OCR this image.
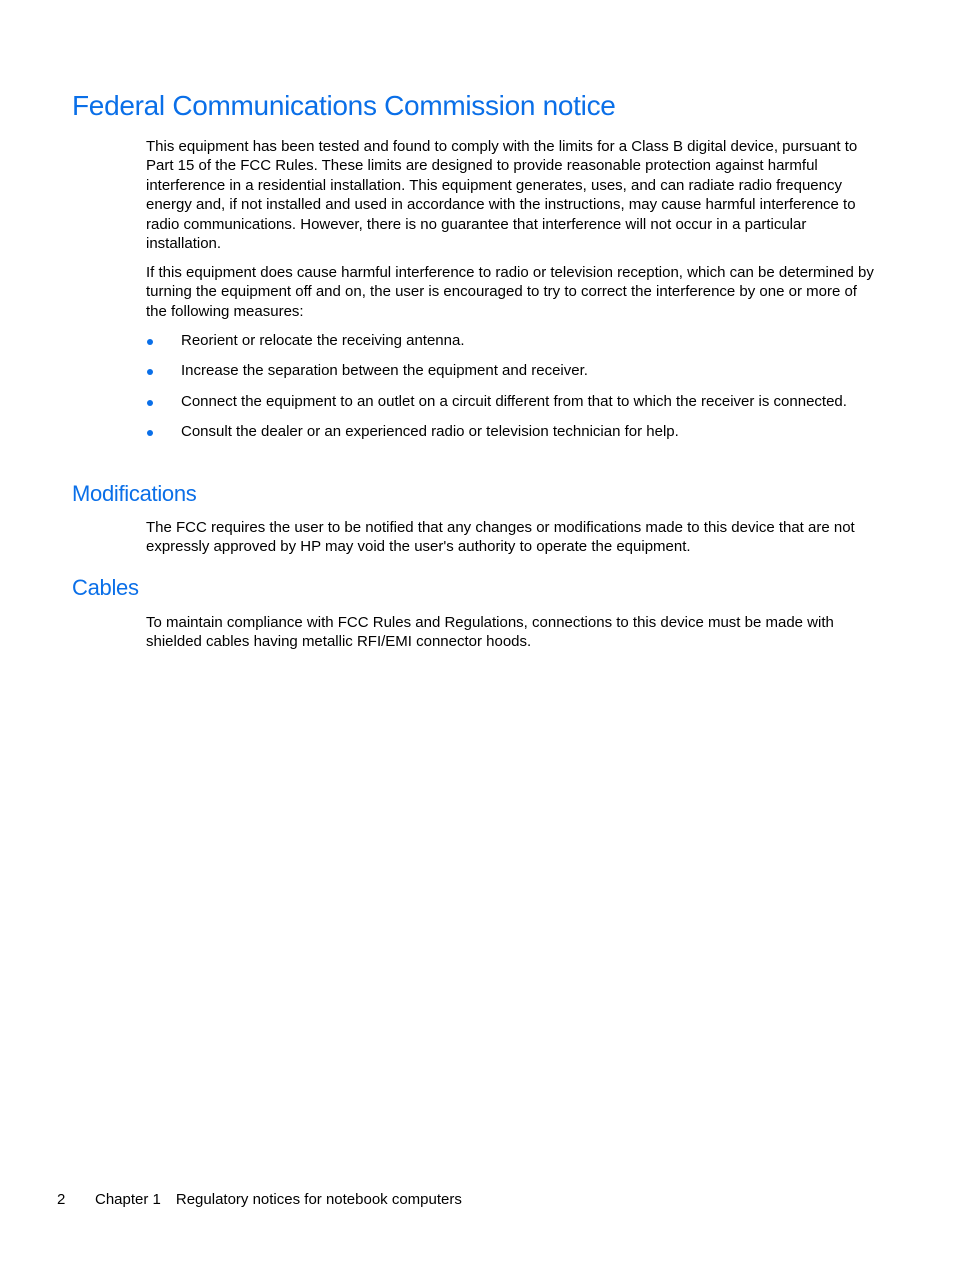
Federal Communications Commission notice

This equipment has been tested and found to comply with the limits for a Class B digital device, pursuant to Part 15 of the FCC Rules. These limits are designed to provide reasonable protection against harmful interference in a residential installation. This equipment generates, uses, and can radiate radio frequency energy and, if not installed and used in accordance with the instructions, may cause harmful interference to radio communications. However, there is no guarantee that interference will not occur in a particular installation.

If this equipment does cause harmful interference to radio or television reception, which can be determined by turning the equipment off and on, the user is encouraged to try to correct the interference by one or more of the following measures:

Reorient or relocate the receiving antenna.
Increase the separation between the equipment and receiver.
Connect the equipment to an outlet on a circuit different from that to which the receiver is connected.
Consult the dealer or an experienced radio or television technician for help.
Modifications

The FCC requires the user to be notified that any changes or modifications made to this device that are not expressly approved by HP may void the user's authority to operate the equipment.

Cables

To maintain compliance with FCC Rules and Regulations, connections to this device must be made with shielded cables having metallic RFI/EMI connector hoods.

2 Chapter 1 Regulatory notices for notebook computers
